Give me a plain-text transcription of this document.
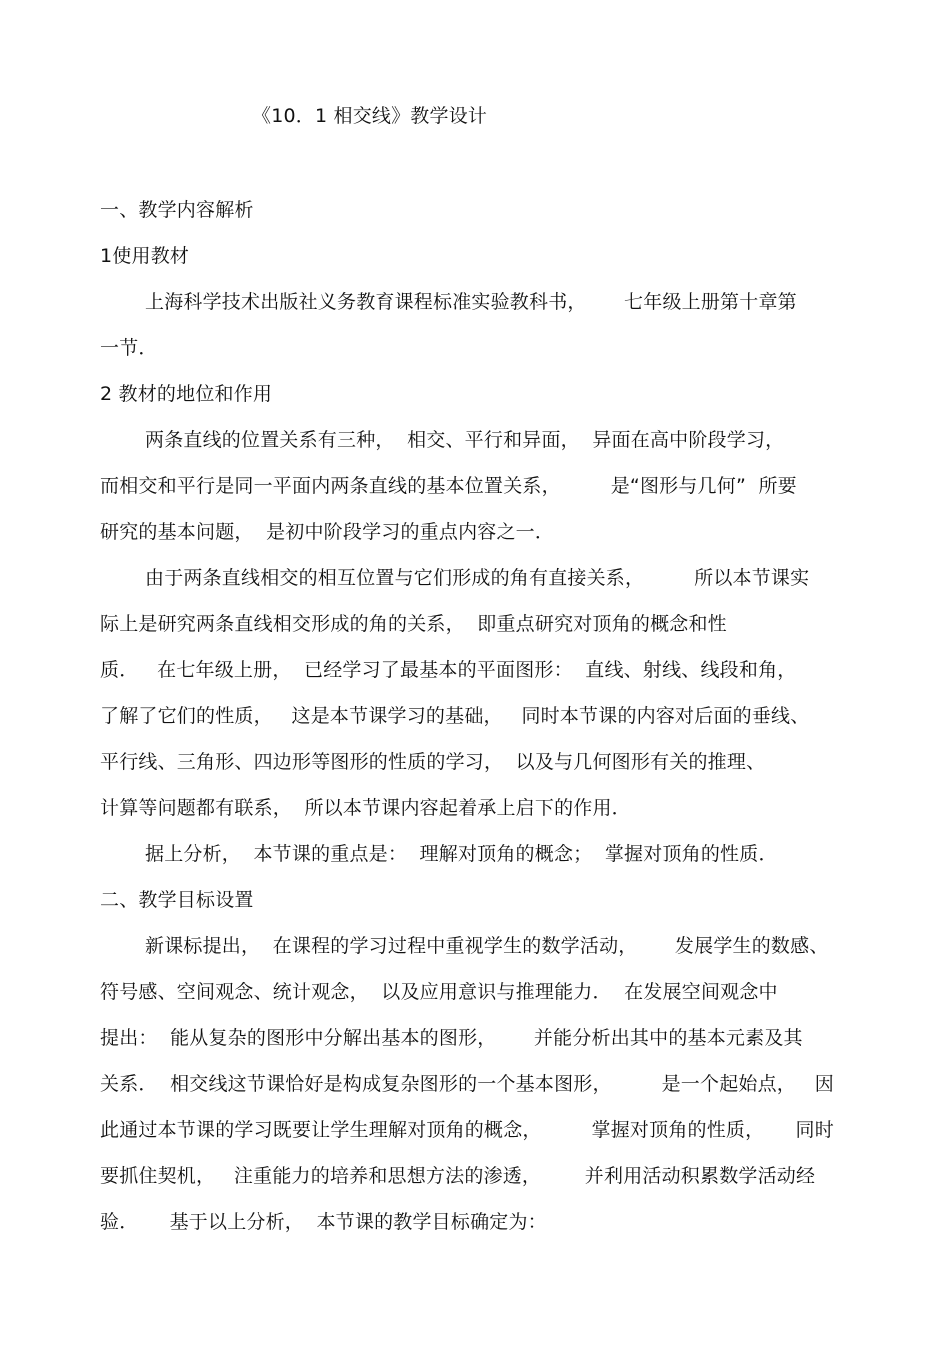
《10．1 相交线》教学设计
一、教学内容解析
1使用教材
上海科学技术出版社义务教育课程标准实验教科书，      七年级上册第十章第
一节．
2 教材的地位和作用
两条直线的位置关系有三种，  相交、平行和异面，  异面在高中阶段学习，
而相交和平行是同一平面内两条直线的基本位置关系，        是“图形与几何”  所要
研究的基本问题，  是初中阶段学习的重点内容之一．
由于两条直线相交的相互位置与它们形成的角有直接关系，        所以本节课实
际上是研究两条直线相交形成的角的关系，  即重点研究对顶角的概念和性
质．   在七年级上册，  已经学习了最基本的平面图形：  直线、射线、线段和角，
了解了它们的性质，   这是本节课学习的基础，   同时本节课的内容对后面的垂线、
平行线、三角形、四边形等图形的性质的学习，  以及与几何图形有关的推理、
计算等问题都有联系，  所以本节课内容起着承上启下的作用．
据上分析，  本节课的重点是：  理解对顶角的概念；  掌握对顶角的性质．
二、教学目标设置
新课标提出，  在课程的学习过程中重视学生的数学活动，      发展学生的数感、
符号感、空间观念、统计观念，  以及应用意识与推理能力．  在发展空间观念中
提出：  能从复杂的图形中分解出基本的图形，      并能分析出其中的基本元素及其
关系．  相交线这节课恰好是构成复杂图形的一个基本图形，        是一个起始点，   因
此通过本节课的学习既要让学生理解对顶角的概念，        掌握对顶角的性质，     同时
要抓住契机，   注重能力的培养和思想方法的渗透，       并利用活动积累数学活动经
验．     基于以上分析，  本节课的教学目标确定为：
